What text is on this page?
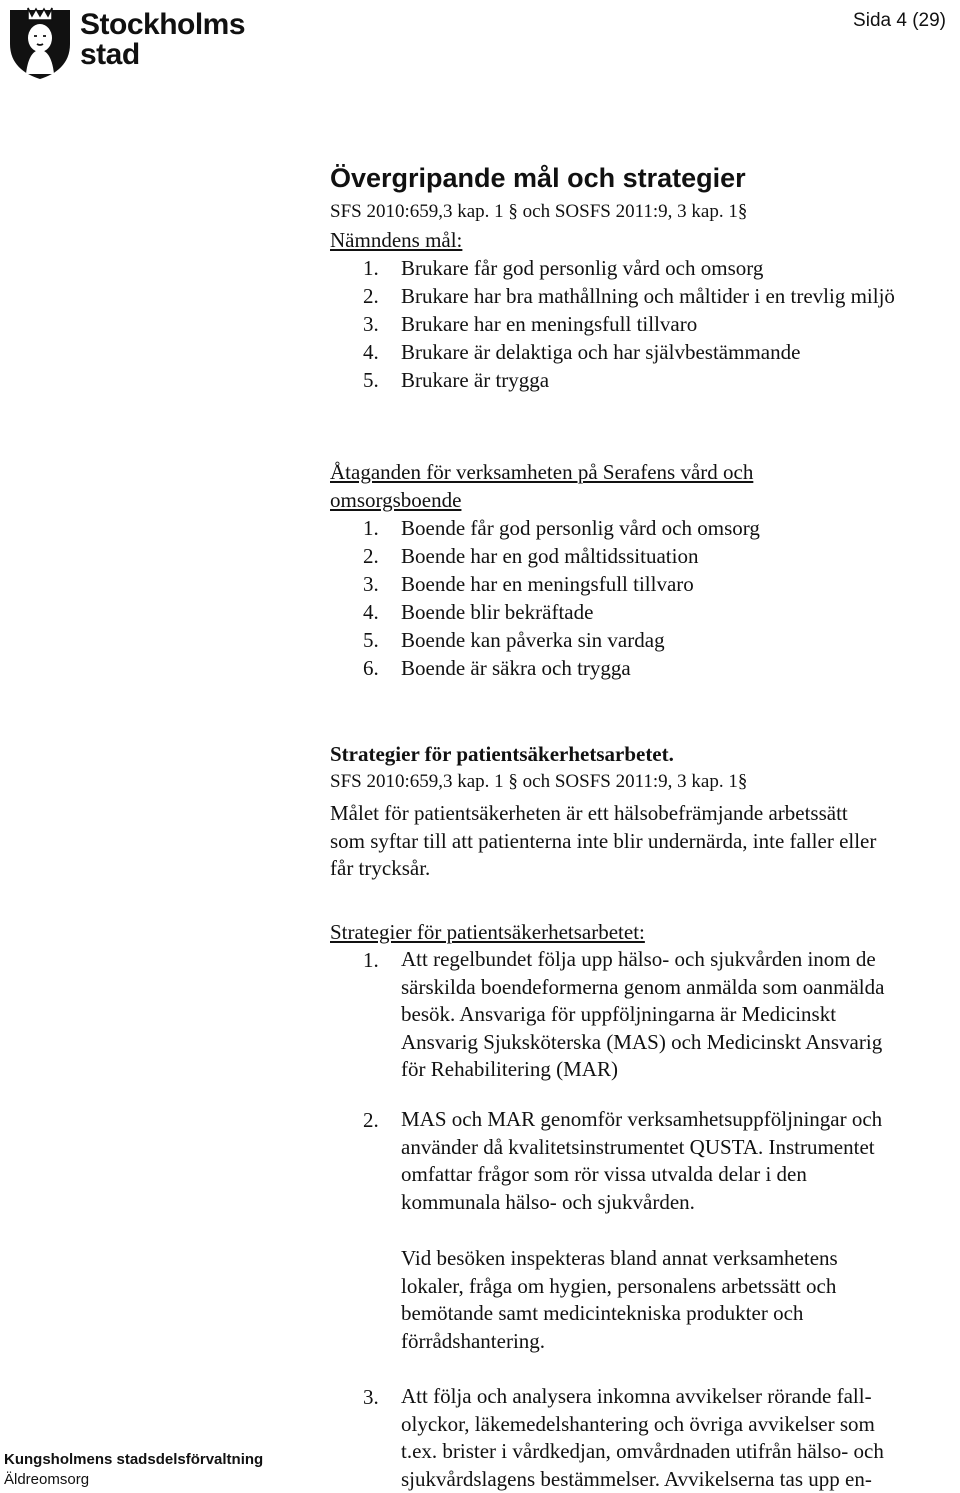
Stockholms
stad
Sida 4 (29)
Övergripande mål och strategier

SFS 2010:659,3 kap. 1 § och SOSFS 2011:9, 3 kap. 1§

Nämndens mål:

1. Brukare får god personlig vård och omsorg
2. Brukare har bra mathållning och måltider i en trevlig miljö
3. Brukare har en meningsfull tillvaro
4. Brukare är delaktiga och har självbestämmande
5. Brukare är trygga

Åtaganden för verksamheten på Serafens vård och

omsorgsboende

1. Boende får god personlig vård och omsorg
2. Boende har en god måltidssituation
3. Boende har en meningsfull tillvaro
4. Boende blir bekräftade
5. Boende kan påverka sin vardag
6. Boende är säkra och trygga

Strategier för patientsäkerhetsarbetet.

SFS 2010:659,3 kap. 1 § och SOSFS 2011:9, 3 kap. 1§

Målet för patientsäkerheten är ett hälsobefrämjande arbetssätt

som syftar till att patienterna inte blir undernärda, inte faller eller

får trycksår.

Strategier för patientsäkerhetsarbetet:

1. Att regelbundet följa upp hälso- och sjukvården inom de
särskilda boendeformerna genom anmälda som oanmälda
besök. Ansvariga för uppföljningarna är Medicinskt
Ansvarig Sjuksköterska (MAS) och Medicinskt Ansvarig
för Rehabilitering (MAR)
2. MAS och MAR genomför verksamhetsuppföljningar och
använder då kvalitetsinstrumentet QUSTA. Instrumentet
omfattar frågor som rör vissa utvalda delar i den
kommunala hälso- och sjukvården.
Vid besöken inspekteras bland annat verksamhetens
lokaler, fråga om hygien, personalens arbetssätt och
bemötande samt medicintekniska produkter och
förrådshantering.
3. Att följa och analysera inkomna avvikelser rörande fall-
olyckor, läkemedelshantering och övriga avvikelser som
t.ex. brister i vårdkedjan, omvårdnaden utifrån hälso- och
sjukvårdslagens bestämmelser. Avvikelserna tas upp en-
Kungsholmens stadsdelsförvaltning
Äldreomsorg
